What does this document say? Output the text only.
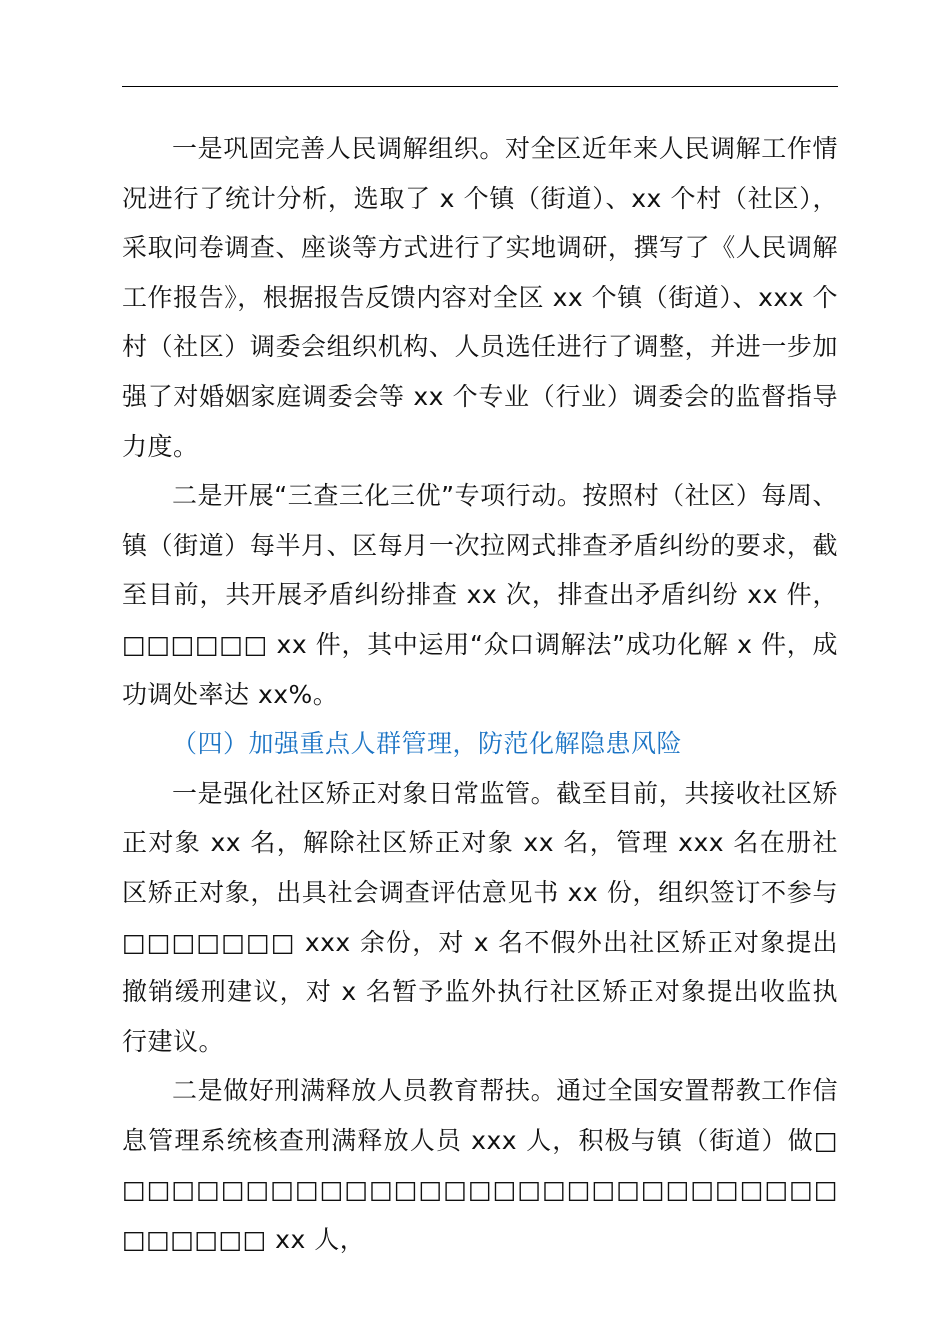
一是巩固完善人民调解组织。对全区近年来人民调解工作情况进行了统计分析，选取了 x 个镇（街道）、xx 个村（社区），采取问卷调查、座谈等方式进行了实地调研，撰写了《人民调解工作报告》，根据报告反馈内容对全区 xx 个镇（街道）、xxx 个村（社区）调委会组织机构、人员选任进行了调整，并进一步加强了对婚姻家庭调委会等 xx 个专业（行业）调委会的监督指导力度。

二是开展“三查三化三优”专项行动。按照村（社区）每周、镇（街道）每半月、区每月一次拉网式排查矛盾纠纷的要求，截至目前，共开展矛盾纠纷排查 xx 次，排查出矛盾纠纷 xx 件，□□□□□□ xx 件，其中运用“众口调解法”成功化解 x 件，成功调处率达 xx%。

（四）加强重点人群管理，防范化解隐患风险

一是强化社区矫正对象日常监管。截至目前，共接收社区矫正对象 xx 名，解除社区矫正对象 xx 名，管理 xxx 名在册社区矫正对象，出具社会调查评估意见书 xx 份，组织签订不参与□□□□□□□ xxx 余份，对 x 名不假外出社区矫正对象提出撤销缓刑建议，对 x 名暂予监外执行社区矫正对象提出收监执行建议。

二是做好刑满释放人员教育帮扶。通过全国安置帮教工作信息管理系统核查刑满释放人员 xxx 人，积极与镇（街道）做□□□□□□□□□□□□□□□□□□□□□□□□□□□□□□□□□□□□ xx 人，
